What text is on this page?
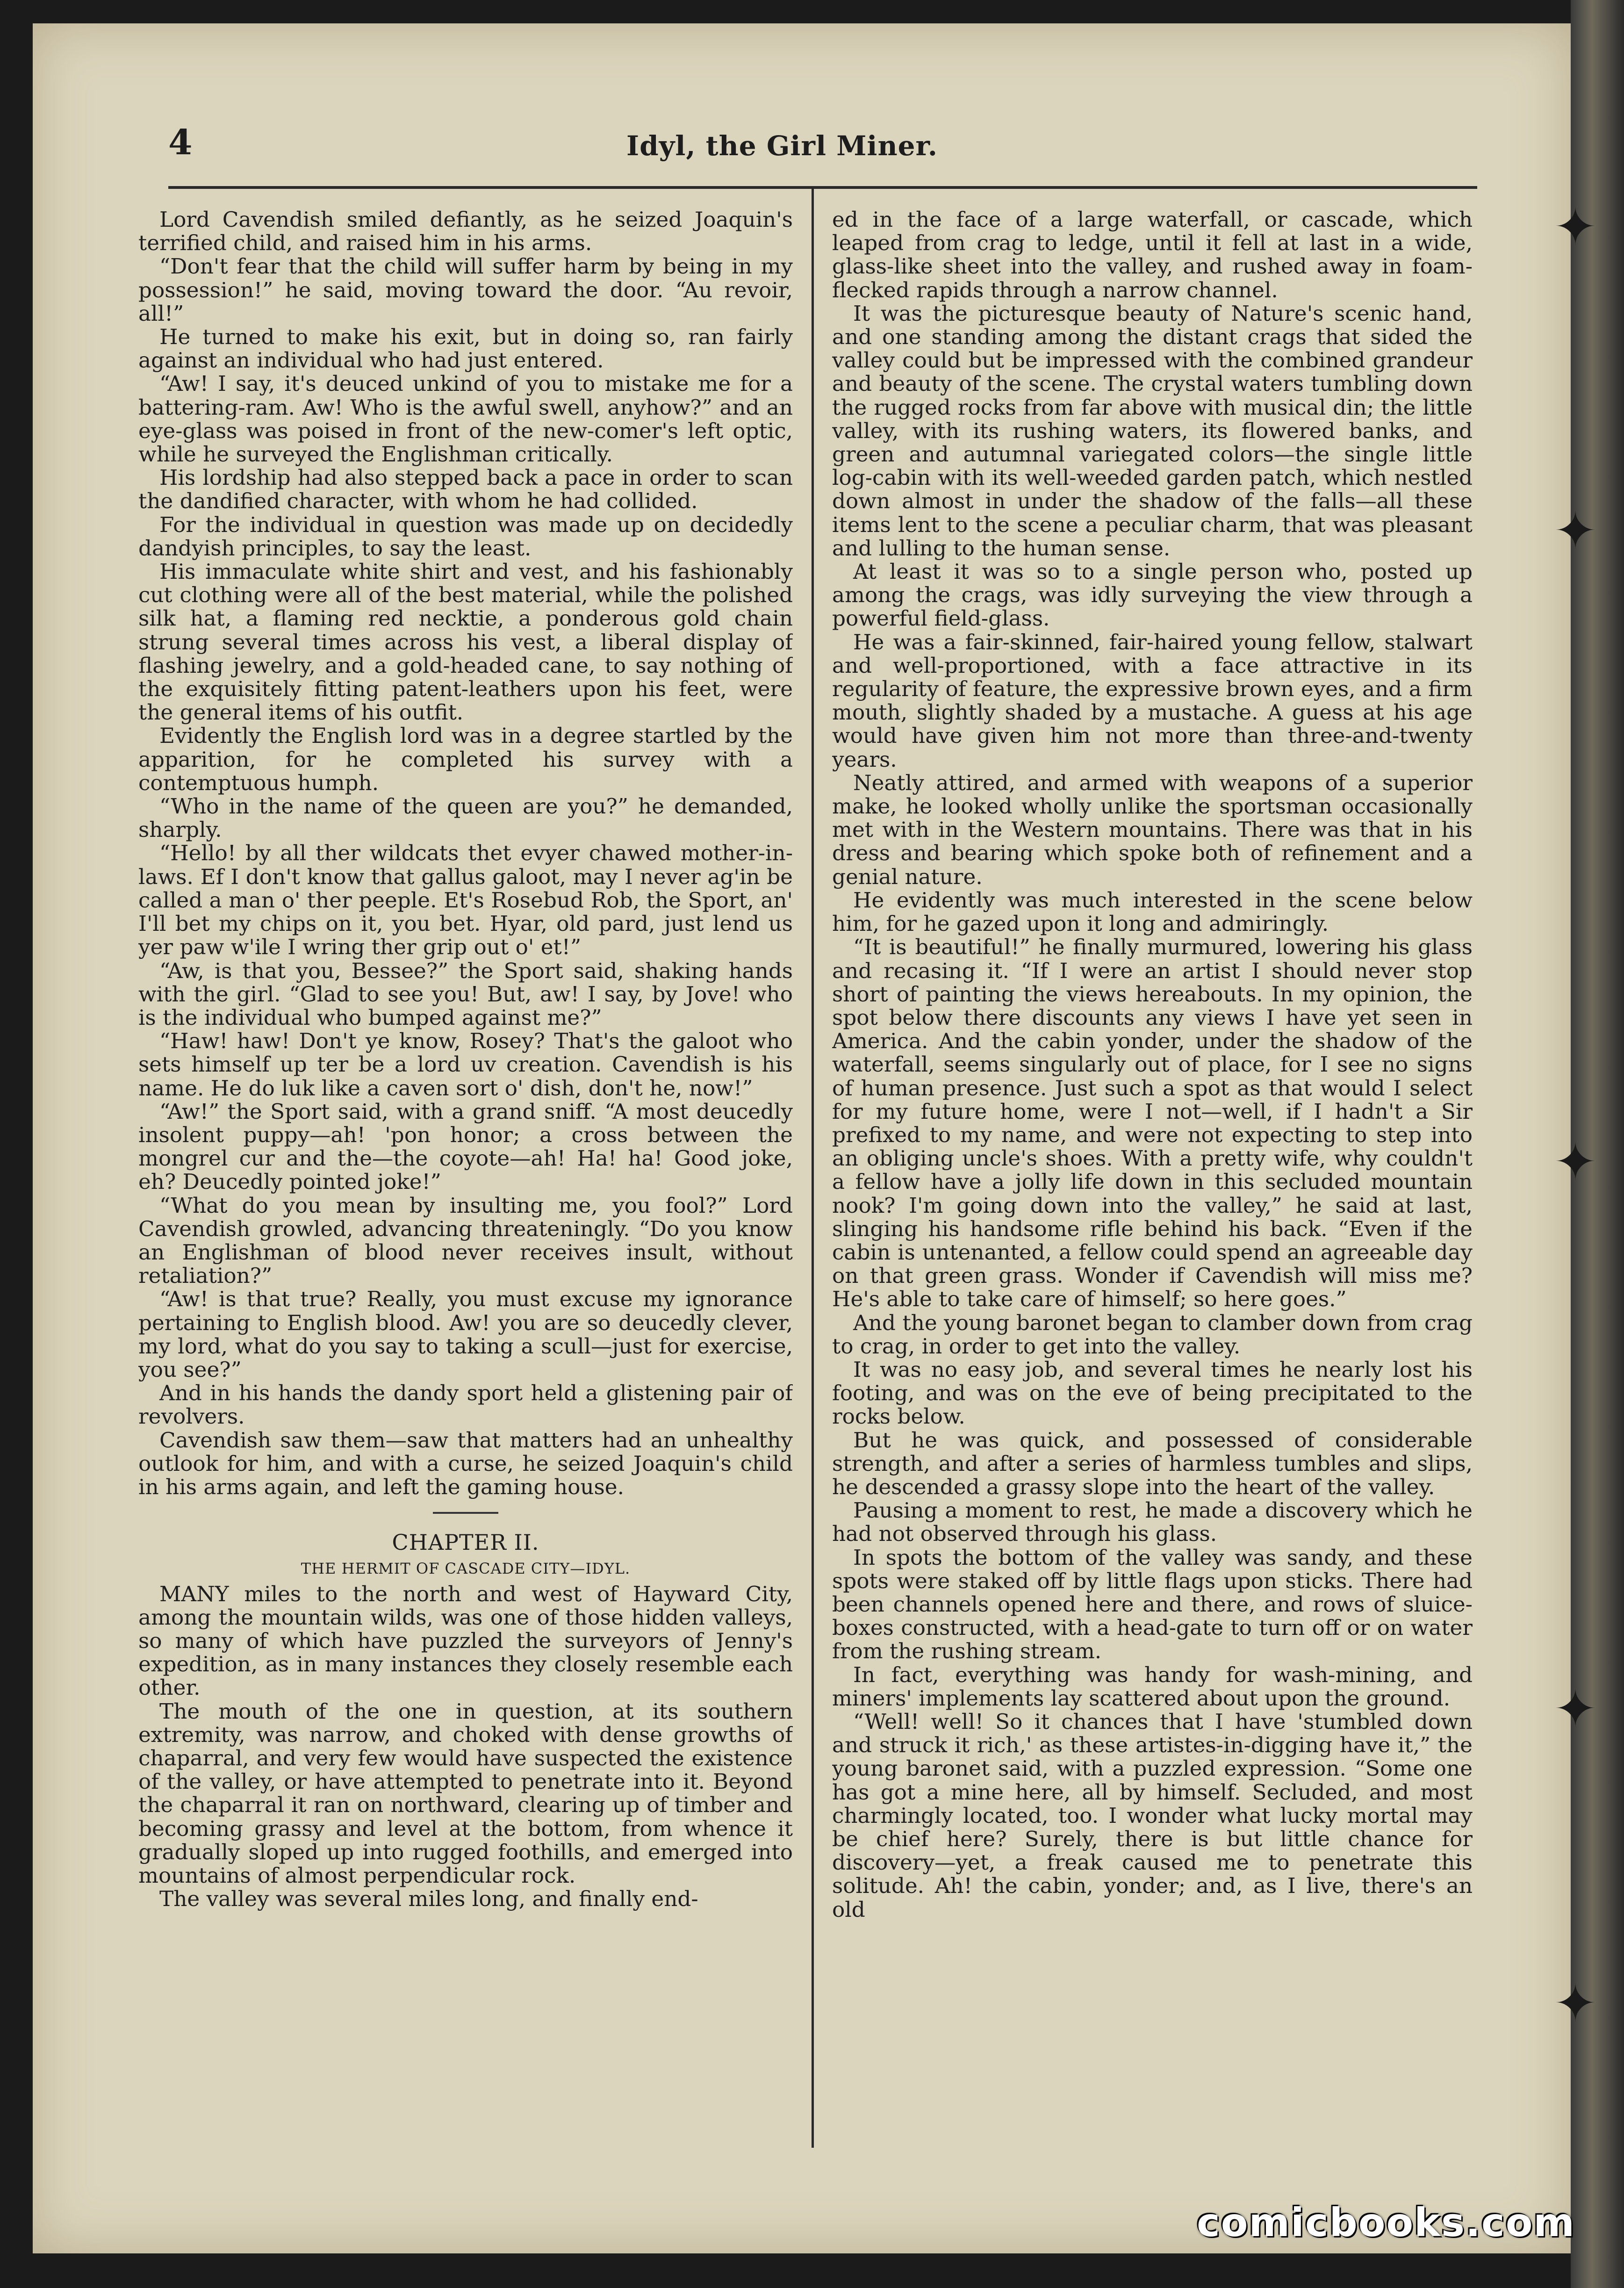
✦
✦
✦
✦
✦
4	Idyl, the Girl Miner.

Lord Cavendish smiled defiantly, as he seized Joaquin's terrified child, and raised him in his arms.

“Don't fear that the child will suffer harm by being in my possession!” he said, moving toward the door. “Au revoir, all!”

He turned to make his exit, but in doing so, ran fairly against an individual who had just entered.

“Aw! I say, it's deuced unkind of you to mistake me for a battering-ram. Aw! Who is the awful swell, anyhow?” and an eye-glass was poised in front of the new-comer's left optic, while he surveyed the Englishman critically.

His lordship had also stepped back a pace in order to scan the dandified character, with whom he had collided.

For the individual in question was made up on decidedly dandyish principles, to say the least.

His immaculate white shirt and vest, and his fashionably cut clothing were all of the best material, while the polished silk hat, a flaming red necktie, a ponderous gold chain strung several times across his vest, a liberal display of flashing jewelry, and a gold-headed cane, to say nothing of the exquisitely fitting patent-leathers upon his feet, were the general items of his outfit.

Evidently the English lord was in a degree startled by the apparition, for he completed his survey with a contemptuous humph.

“Who in the name of the queen are you?” he demanded, sharply.

“Hello! by all ther wildcats thet evyer chawed mother-in-laws. Ef I don't know that gallus galoot, may I never ag'in be called a man o' ther peeple. Et's Rosebud Rob, the Sport, an' I'll bet my chips on it, you bet. Hyar, old pard, just lend us yer paw w'ile I wring ther grip out o' et!”

“Aw, is that you, Bessee?” the Sport said, shaking hands with the girl. “Glad to see you! But, aw! I say, by Jove! who is the individual who bumped against me?”

“Haw! haw! Don't ye know, Rosey? That's the galoot who sets himself up ter be a lord uv creation. Cavendish is his name. He do luk like a caven sort o' dish, don't he, now!”

“Aw!” the Sport said, with a grand sniff. “A most deucedly insolent puppy—ah! 'pon honor; a cross between the mongrel cur and the—the coyote—ah! Ha! ha! Good joke, eh? Deucedly pointed joke!”

“What do you mean by insulting me, you fool?” Lord Cavendish growled, advancing threateningly. “Do you know an Englishman of blood never receives insult, without retaliation?”

“Aw! is that true? Really, you must excuse my ignorance pertaining to English blood. Aw! you are so deucedly clever, my lord, what do you say to taking a scull—just for exercise, you see?”

And in his hands the dandy sport held a glistening pair of revolvers.

Cavendish saw them—saw that matters had an unhealthy outlook for him, and with a curse, he seized Joaquin's child in his arms again, and left the gaming house.

CHAPTER II.
THE HERMIT OF CASCADE CITY—IDYL.

MANY miles to the north and west of Hayward City, among the mountain wilds, was one of those hidden valleys, so many of which have puzzled the surveyors of Jenny's expedition, as in many instances they closely resemble each other.

The mouth of the one in question, at its southern extremity, was narrow, and choked with dense growths of chaparral, and very few would have suspected the existence of the valley, or have attempted to penetrate into it. Beyond the chaparral it ran on northward, clearing up of timber and becoming grassy and level at the bottom, from whence it gradually sloped up into rugged foothills, and emerged into mountains of almost perpendicular rock.

The valley was several miles long, and finally end-

ed in the face of a large waterfall, or cascade, which leaped from crag to ledge, until it fell at last in a wide, glass-like sheet into the valley, and rushed away in foam-flecked rapids through a narrow channel.

It was the picturesque beauty of Nature's scenic hand, and one standing among the distant crags that sided the valley could but be impressed with the combined grandeur and beauty of the scene. The crystal waters tumbling down the rugged rocks from far above with musical din; the little valley, with its rushing waters, its flowered banks, and green and autumnal variegated colors—the single little log-cabin with its well-weeded garden patch, which nestled down almost in under the shadow of the falls—all these items lent to the scene a peculiar charm, that was pleasant and lulling to the human sense.

At least it was so to a single person who, posted up among the crags, was idly surveying the view through a powerful field-glass.

He was a fair-skinned, fair-haired young fellow, stalwart and well-proportioned, with a face attractive in its regularity of feature, the expressive brown eyes, and a firm mouth, slightly shaded by a mustache. A guess at his age would have given him not more than three-and-twenty years.

Neatly attired, and armed with weapons of a superior make, he looked wholly unlike the sportsman occasionally met with in the Western mountains. There was that in his dress and bearing which spoke both of refinement and a genial nature.

He evidently was much interested in the scene below him, for he gazed upon it long and admiringly.

“It is beautiful!” he finally murmured, lowering his glass and recasing it. “If I were an artist I should never stop short of painting the views hereabouts. In my opinion, the spot below there discounts any views I have yet seen in America. And the cabin yonder, under the shadow of the waterfall, seems singularly out of place, for I see no signs of human presence. Just such a spot as that would I select for my future home, were I not—well, if I hadn't a Sir prefixed to my name, and were not expecting to step into an obliging uncle's shoes. With a pretty wife, why couldn't a fellow have a jolly life down in this secluded mountain nook? I'm going down into the valley,” he said at last, slinging his handsome rifle behind his back. “Even if the cabin is untenanted, a fellow could spend an agreeable day on that green grass. Wonder if Cavendish will miss me? He's able to take care of himself; so here goes.”

And the young baronet began to clamber down from crag to crag, in order to get into the valley.

It was no easy job, and several times he nearly lost his footing, and was on the eve of being precipitated to the rocks below.

But he was quick, and possessed of considerable strength, and after a series of harmless tumbles and slips, he descended a grassy slope into the heart of the valley.

Pausing a moment to rest, he made a discovery which he had not observed through his glass.

In spots the bottom of the valley was sandy, and these spots were staked off by little flags upon sticks. There had been channels opened here and there, and rows of sluice-boxes constructed, with a head-gate to turn off or on water from the rushing stream.

In fact, everything was handy for wash-mining, and miners' implements lay scattered about upon the ground.

“Well! well! So it chances that I have 'stumbled down and struck it rich,' as these artistes-in-digging have it,” the young baronet said, with a puzzled expression. “Some one has got a mine here, all by himself. Secluded, and most charmingly located, too. I wonder what lucky mortal may be chief here? Surely, there is but little chance for discovery—yet, a freak caused me to penetrate this solitude. Ah! the cabin, yonder; and, as I live, there's an old

comicbooks.com
